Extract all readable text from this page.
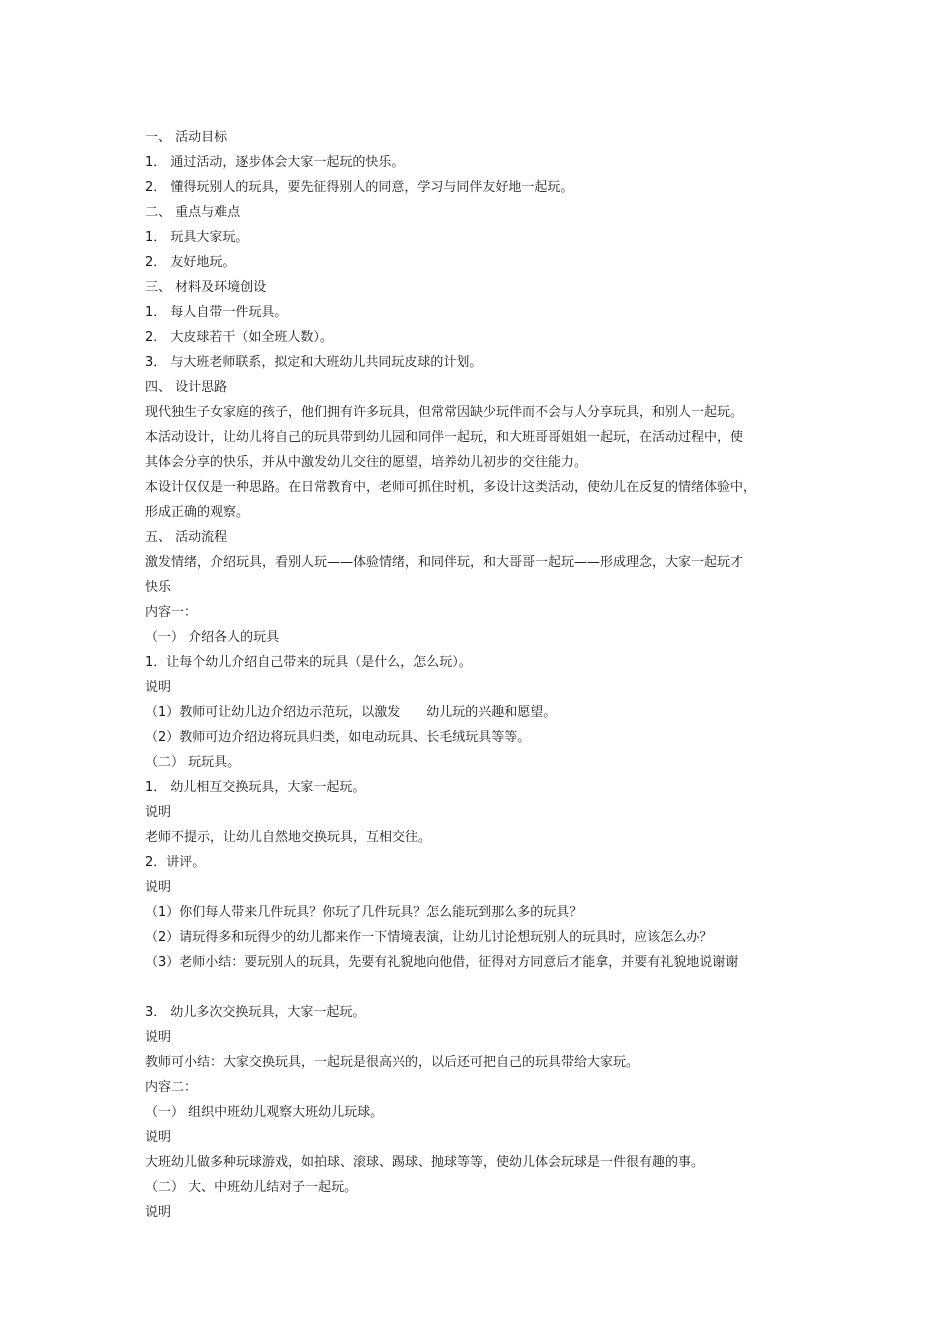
一、 活动目标
1． 通过活动，逐步体会大家一起玩的快乐。
2． 懂得玩别人的玩具，要先征得别人的同意，学习与同伴友好地一起玩。
二、 重点与难点
1． 玩具大家玩。
2． 友好地玩。
三、 材料及环境创设
1． 每人自带一件玩具。
2． 大皮球若干（如全班人数）。
3． 与大班老师联系，拟定和大班幼儿共同玩皮球的计划。
四、 设计思路
现代独生子女家庭的孩子，他们拥有许多玩具，但常常因缺少玩伴而不会与人分享玩具，和别人一起玩。
本活动设计，让幼儿将自己的玩具带到幼儿园和同伴一起玩，和大班哥哥姐姐一起玩，在活动过程中，使
其体会分享的快乐，并从中激发幼儿交往的愿望，培养幼儿初步的交往能力。
本设计仅仅是一种思路。在日常教育中，老师可抓住时机，多设计这类活动，使幼儿在反复的情绪体验中，
形成正确的观察。
五、 活动流程
激发情绪，介绍玩具，看别人玩——体验情绪，和同伴玩，和大哥哥一起玩——形成理念，大家一起玩才
快乐
内容一：
（一） 介绍各人的玩具
1．让每个幼儿介绍自己带来的玩具（是什么，怎么玩）。
说明
（1）教师可让幼儿边介绍边示范玩，以激发　　幼儿玩的兴趣和愿望。
（2）教师可边介绍边将玩具归类，如电动玩具、长毛绒玩具等等。
（二） 玩玩具。
1． 幼儿相互交换玩具，大家一起玩。
说明
老师不提示，让幼儿自然地交换玩具，互相交往。
2．讲评。
说明
（1）你们每人带来几件玩具？你玩了几件玩具？怎么能玩到那么多的玩具？
（2）请玩得多和玩得少的幼儿都来作一下情境表演，让幼儿讨论想玩别人的玩具时，应该怎么办？
（3）老师小结：要玩别人的玩具，先要有礼貌地向他借，征得对方同意后才能拿，并要有礼貌地说谢谢
3． 幼儿多次交换玩具，大家一起玩。
说明
教师可小结：大家交换玩具，一起玩是很高兴的，以后还可把自己的玩具带给大家玩。
内容二：
（一） 组织中班幼儿观察大班幼儿玩球。
说明
大班幼儿做多种玩球游戏，如拍球、滚球、踢球、抛球等等，使幼儿体会玩球是一件很有趣的事。
（二） 大、中班幼儿结对子一起玩。
说明
